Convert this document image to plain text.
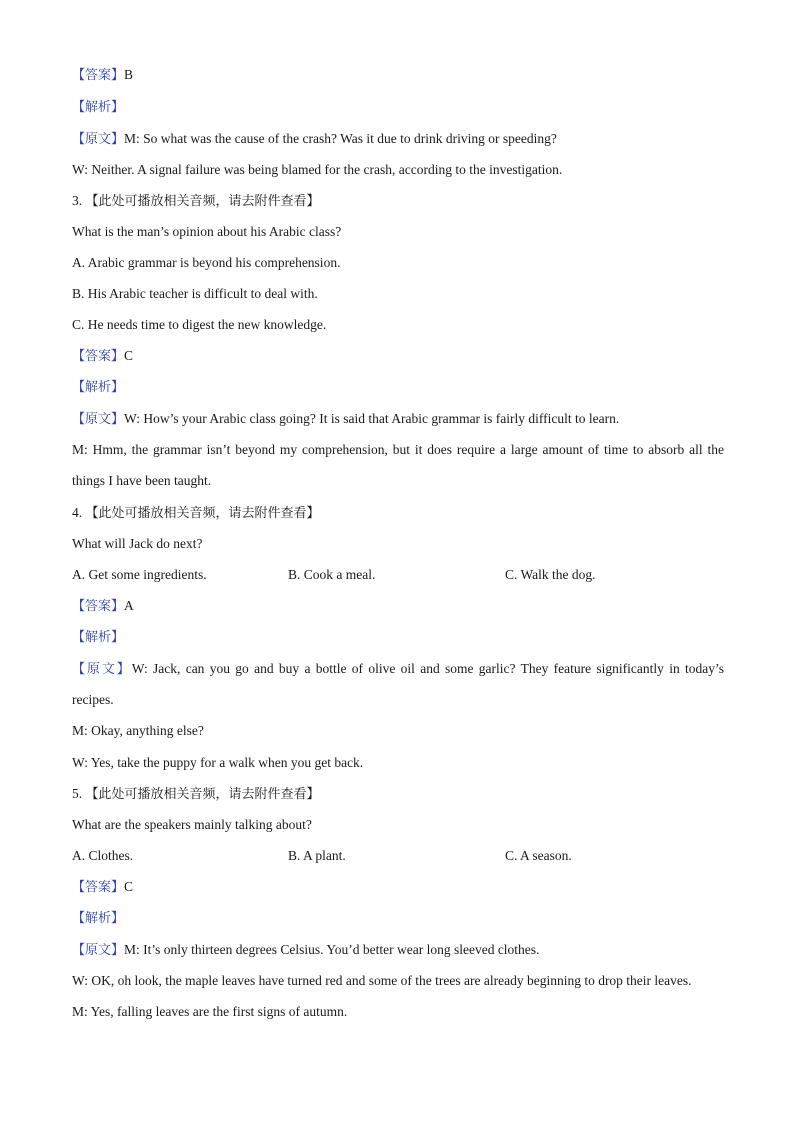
【答案】B
【解析】
【原文】M: So what was the cause of the crash? Was it due to drink driving or speeding?
W: Neither. A signal failure was being blamed for the crash, according to the investigation.
3. 【此处可播放相关音频，请去附件查看】
What is the man’s opinion about his Arabic class?
A. Arabic grammar is beyond his comprehension.
B. His Arabic teacher is difficult to deal with.
C. He needs time to digest the new knowledge.
【答案】C
【解析】
【原文】W: How’s your Arabic class going? It is said that Arabic grammar is fairly difficult to learn.
M: Hmm, the grammar isn’t beyond my comprehension, but it does require a large amount of time to absorb all the
things I have been taught.
4. 【此处可播放相关音频，请去附件查看】
What will Jack do next?
A. Get some ingredients.	B. Cook a meal.	C. Walk the dog.
【答案】A
【解析】
【原文】W: Jack, can you go and buy a bottle of olive oil and some garlic? They feature significantly in today’s
recipes.
M: Okay, anything else?
W: Yes, take the puppy for a walk when you get back.
5. 【此处可播放相关音频，请去附件查看】
What are the speakers mainly talking about?
A. Clothes.	B. A plant.	C. A season.
【答案】C
【解析】
【原文】M: It’s only thirteen degrees Celsius. You’d better wear long sleeved clothes.
W: OK, oh look, the maple leaves have turned red and some of the trees are already beginning to drop their leaves.
M: Yes, falling leaves are the first signs of autumn.
